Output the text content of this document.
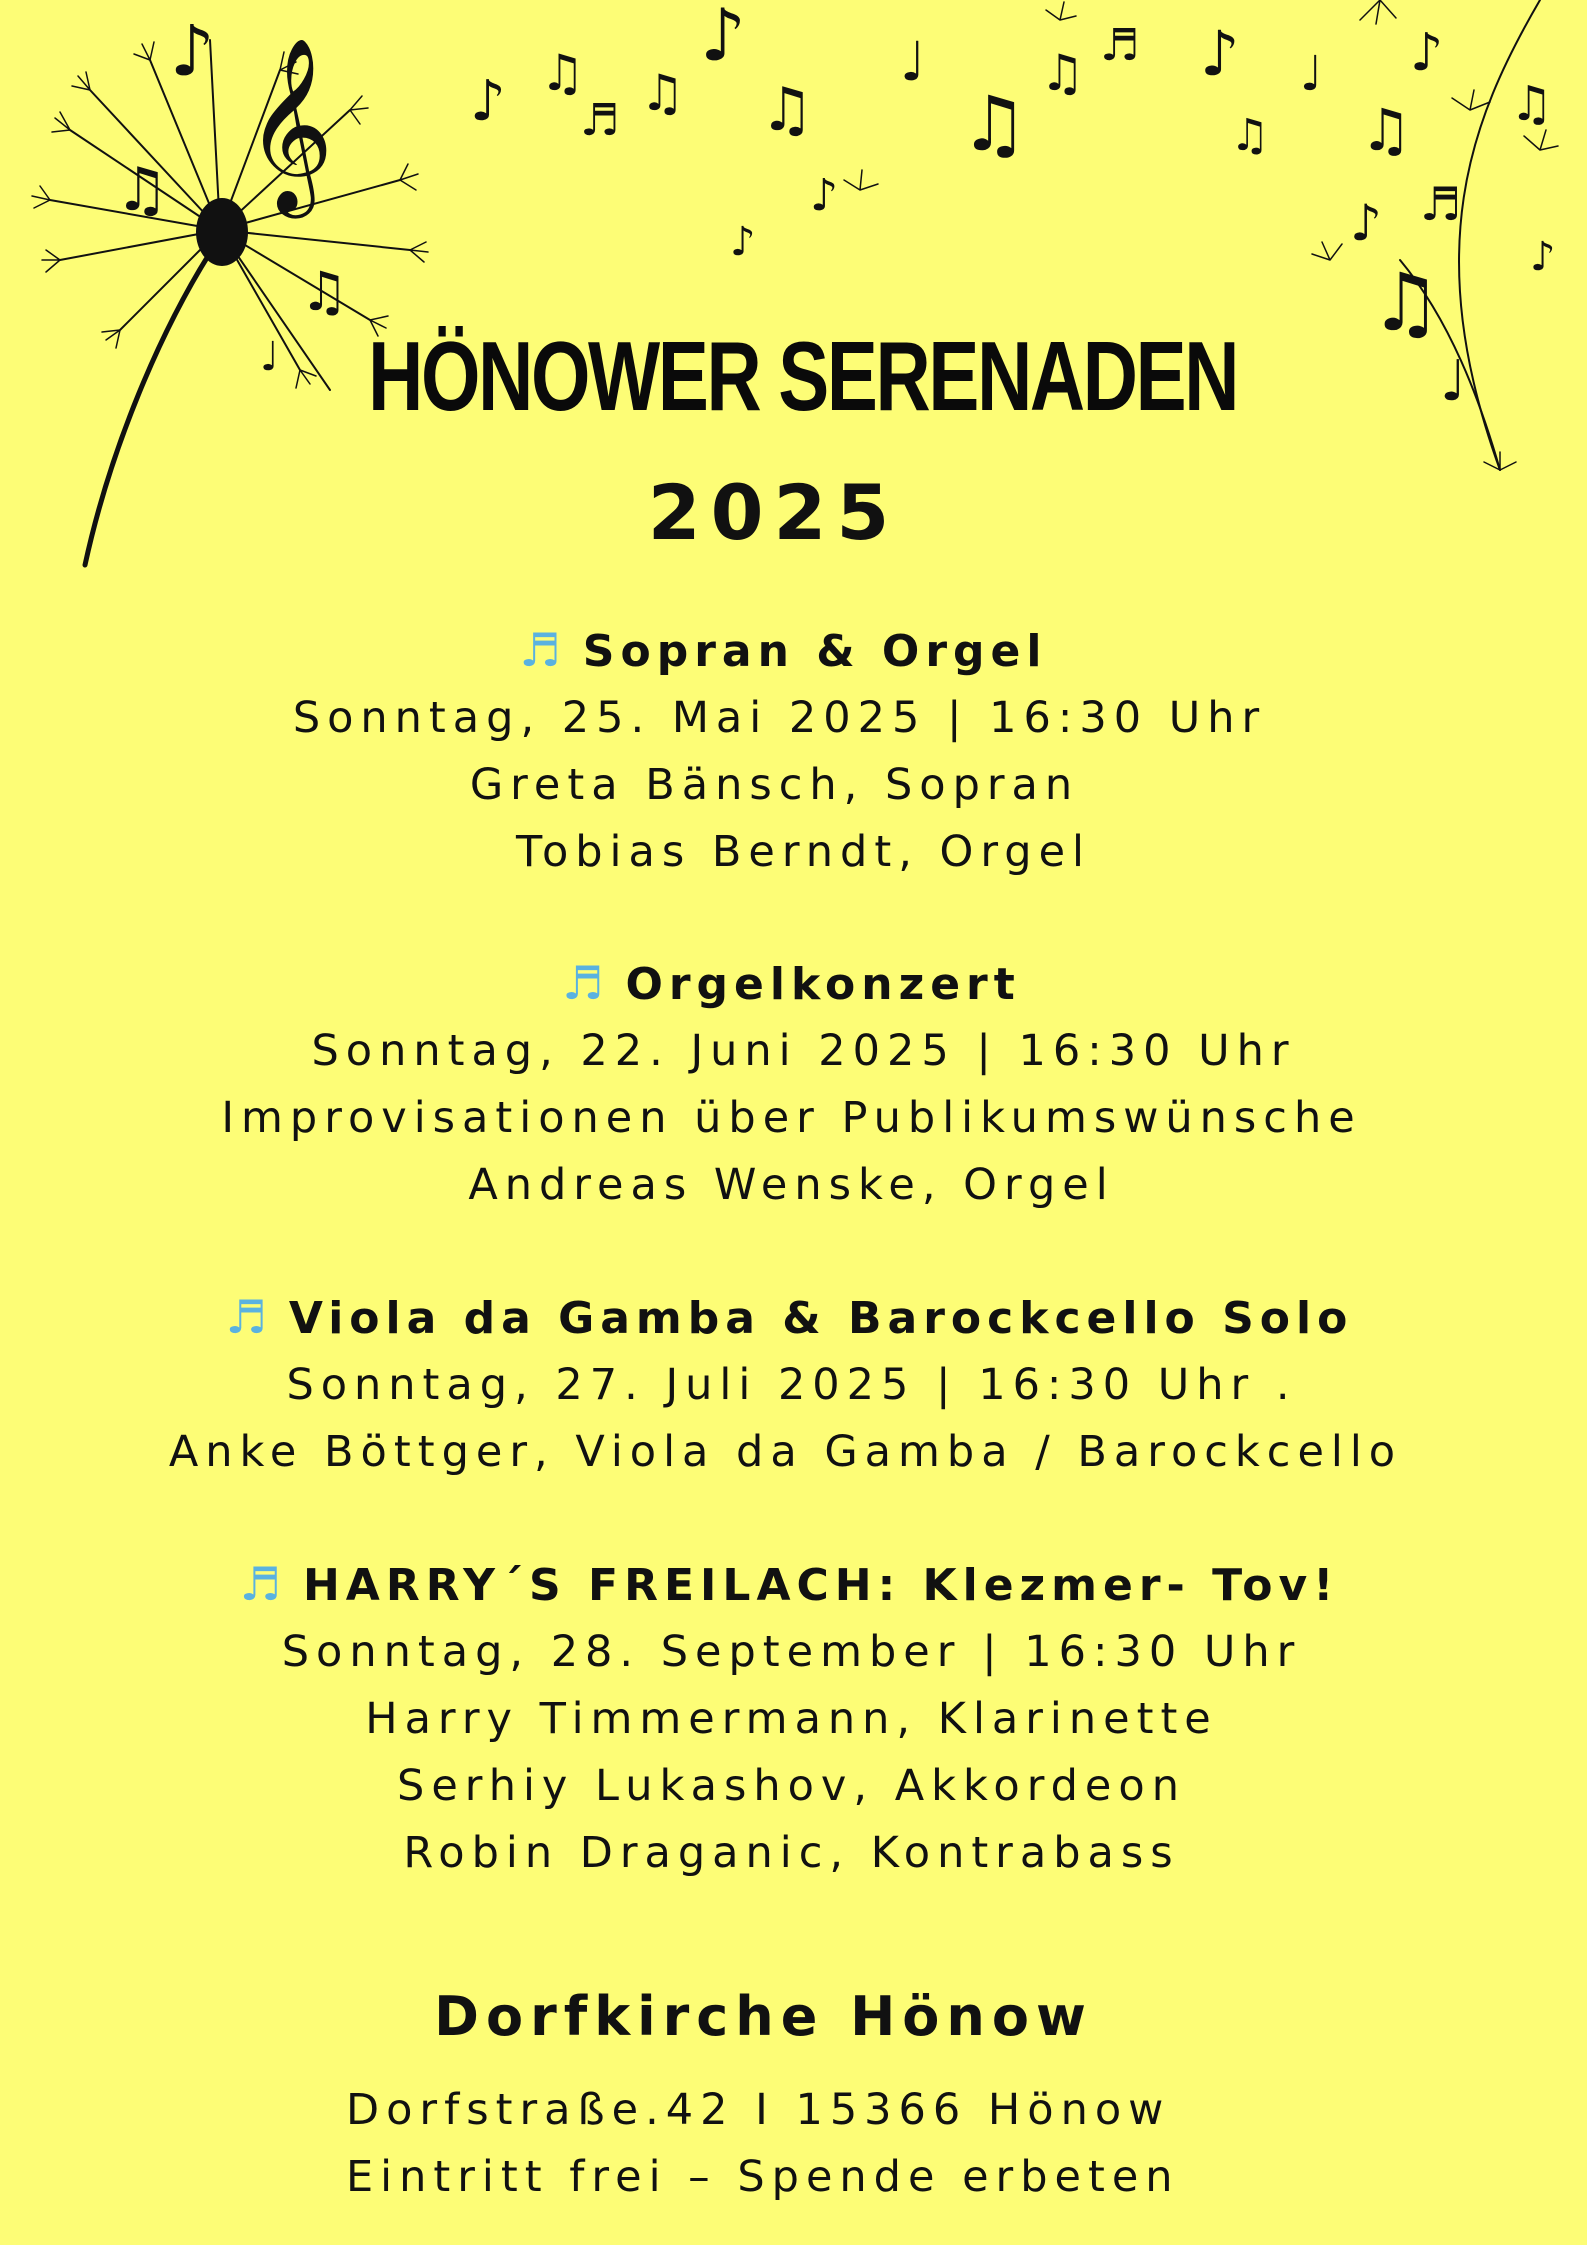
𝄞
♪
♫
♫
♩
♪ ♫
♬ ♫
♪
♫
♪
♪
♩
♫
♫ ♬ ♪
♫
♩
♫
♪
♫
♪ ♬
♫ ♪
♩
HÖNOWER SERENADEN
2025
♬ Sopran & Orgel
Sonntag, 25. Mai 2025 | 16:30 Uhr
Greta Bänsch, Sopran
Tobias Berndt, Orgel
♬ Orgelkonzert
Sonntag, 22. Juni 2025 | 16:30 Uhr
Improvisationen über Publikumswünsche
Andreas Wenske, Orgel
♬ Viola da Gamba & Barockcello Solo
Sonntag, 27. Juli 2025 | 16:30 Uhr .
Anke Böttger, Viola da Gamba / Barockcello
♬ HARRY´S FREILACH: Klezmer- Tov!
Sonntag, 28. September | 16:30 Uhr
Harry Timmermann, Klarinette
Serhiy Lukashov, Akkordeon
Robin Draganic, Kontrabass
Dorfkirche Hönow
Dorfstraße.42 I 15366 Hönow
Eintritt frei – Spende erbeten
